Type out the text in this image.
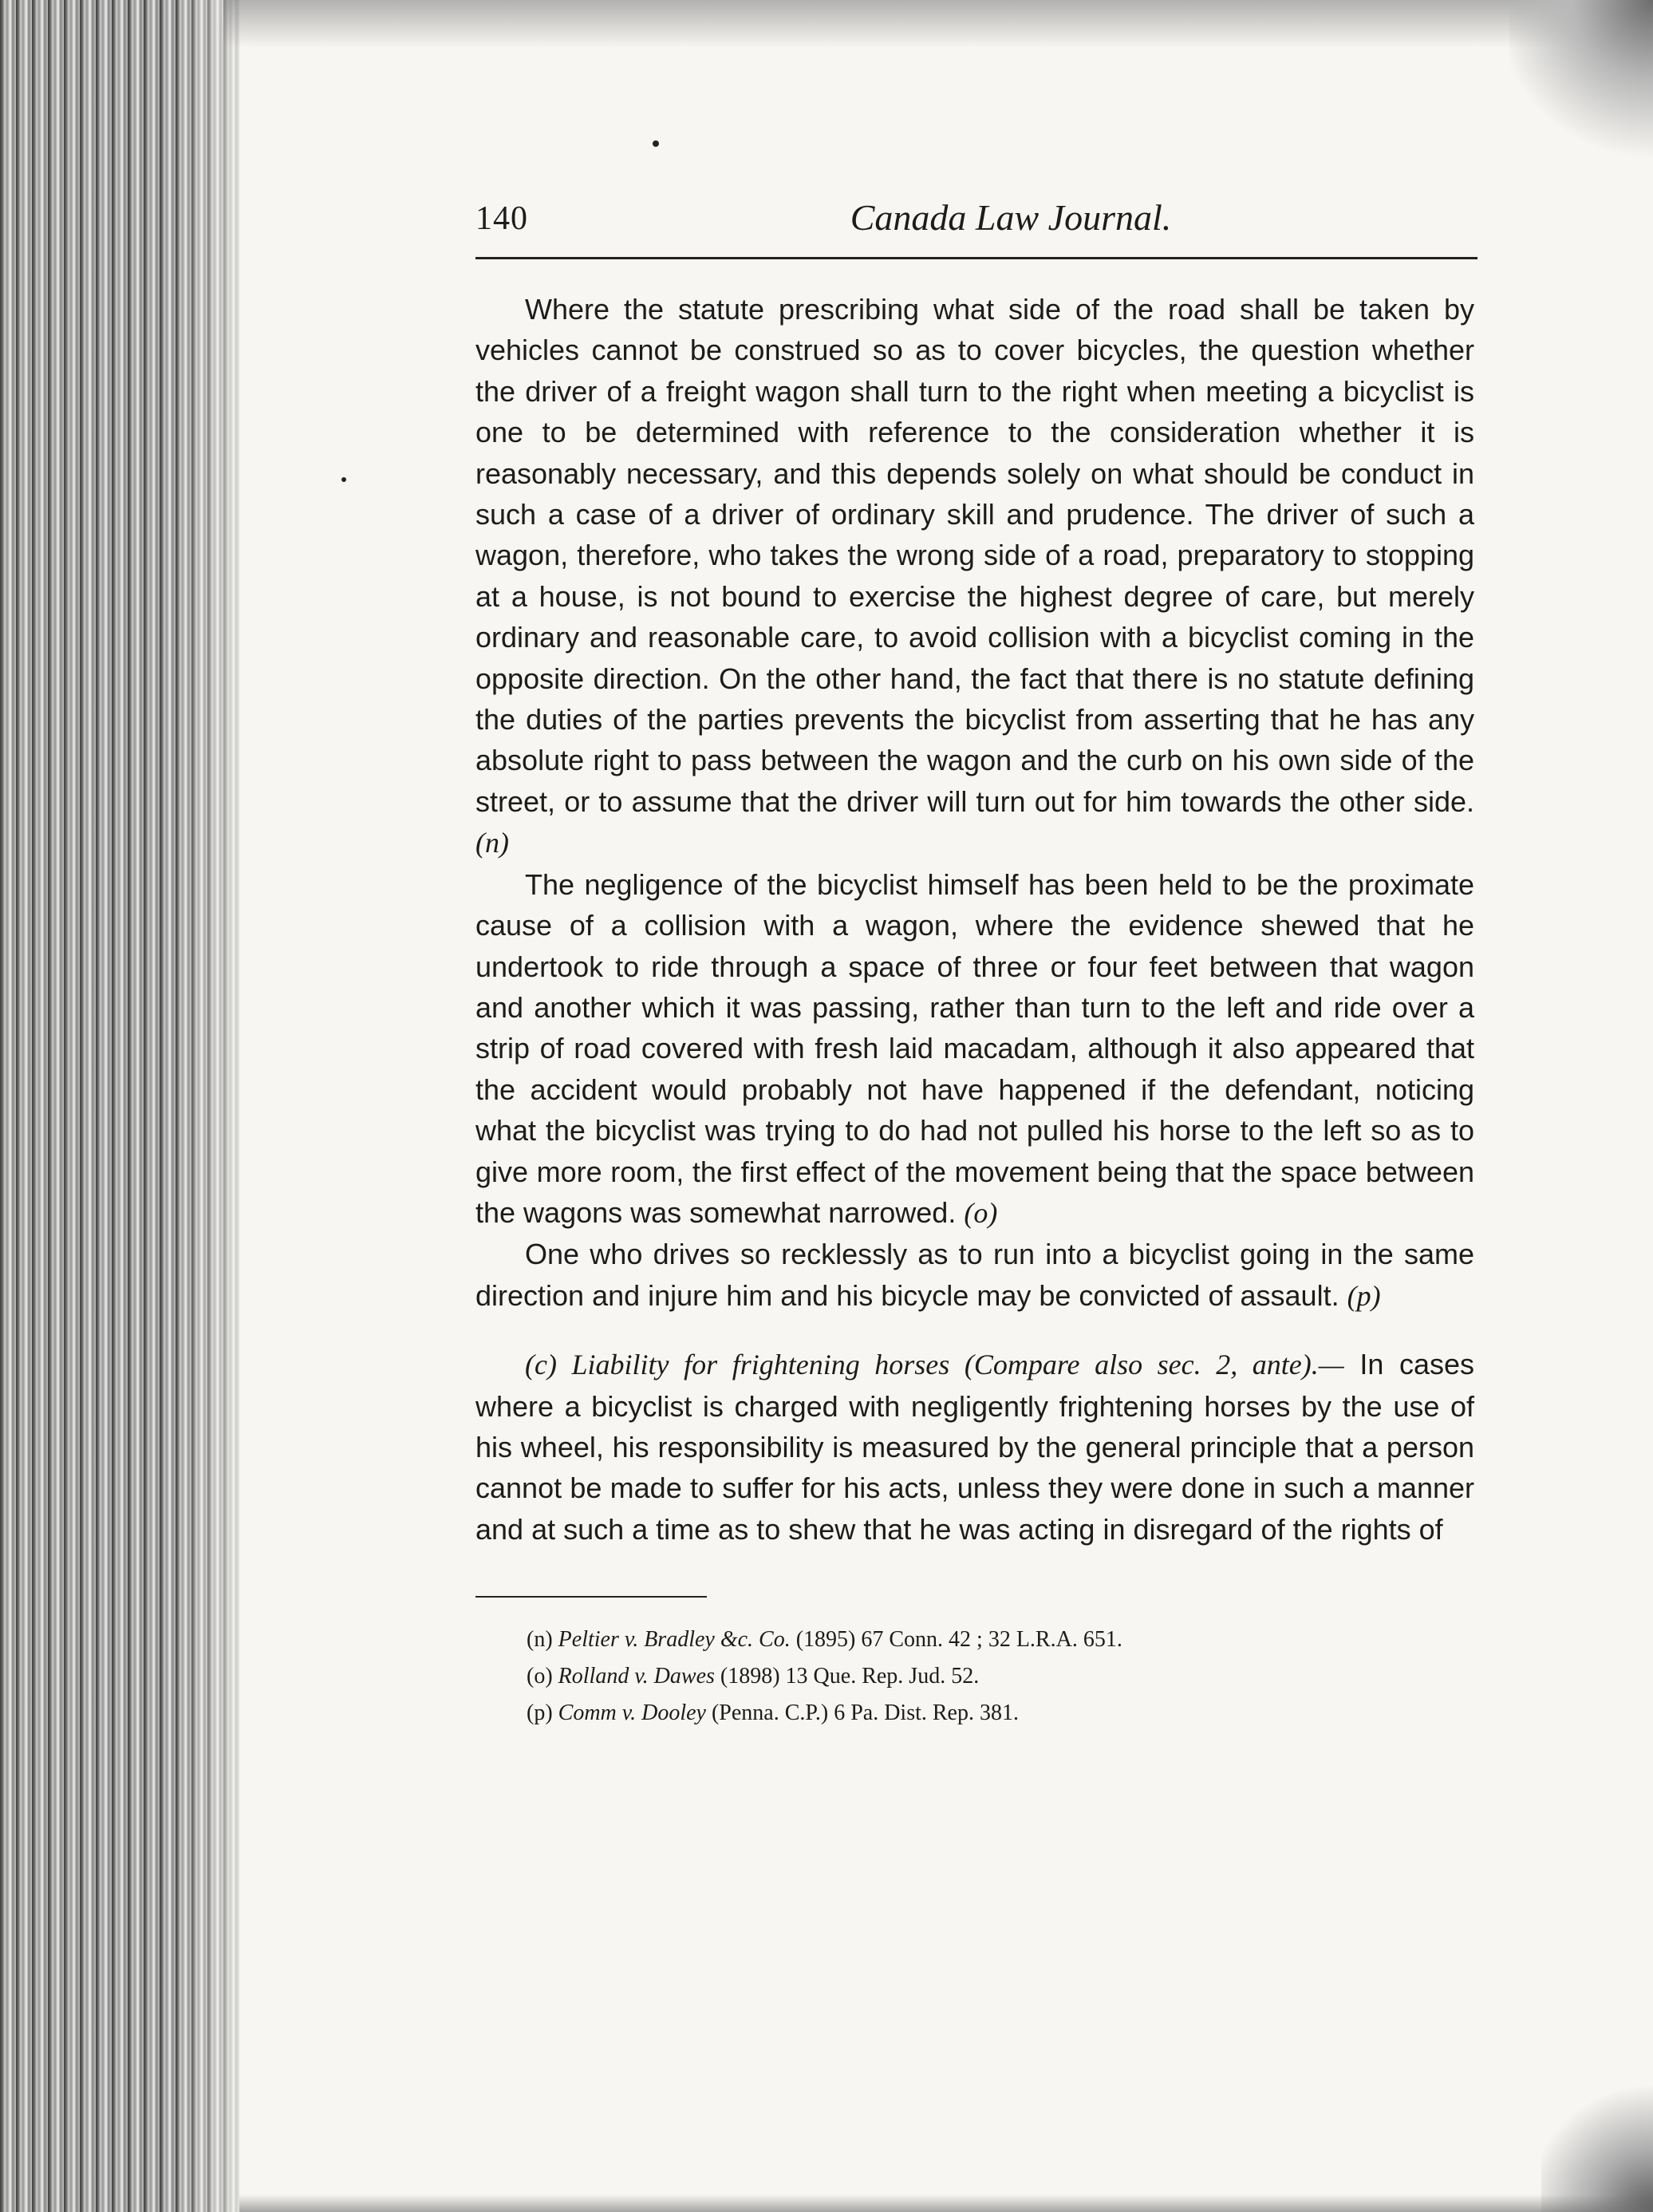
140	Canada Law Journal.

Where the statute prescribing what side of the road shall be taken by vehicles cannot be construed so as to cover bicycles, the question whether the driver of a freight wagon shall turn to the right when meeting a bicyclist is one to be determined with reference to the consideration whether it is reasonably necessary, and this depends solely on what should be conduct in such a case of a driver of ordinary skill and prudence. The driver of such a wagon, therefore, who takes the wrong side of a road, preparatory to stopping at a house, is not bound to exercise the highest degree of care, but merely ordinary and reasonable care, to avoid collision with a bicyclist coming in the opposite direction. On the other hand, the fact that there is no statute defining the duties of the parties prevents the bicyclist from asserting that he has any absolute right to pass between the wagon and the curb on his own side of the street, or to assume that the driver will turn out for him towards the other side. (n)

The negligence of the bicyclist himself has been held to be the proximate cause of a collision with a wagon, where the evidence shewed that he undertook to ride through a space of three or four feet between that wagon and another which it was passing, rather than turn to the left and ride over a strip of road covered with fresh laid macadam, although it also appeared that the accident would probably not have happened if the defendant, noticing what the bicyclist was trying to do had not pulled his horse to the left so as to give more room, the first effect of the movement being that the space between the wagons was somewhat narrowed. (o)

One who drives so recklessly as to run into a bicyclist going in the same direction and injure him and his bicycle may be convicted of assault. (p)

(c) Liability for frightening horses (Compare also sec. 2, ante).— In cases where a bicyclist is charged with negligently frightening horses by the use of his wheel, his responsibility is measured by the general principle that a person cannot be made to suffer for his acts, unless they were done in such a manner and at such a time as to shew that he was acting in disregard of the rights of

(n) Peltier v. Bradley &c. Co. (1895) 67 Conn. 42 ; 32 L.R.A. 651.
(o) Rolland v. Dawes (1898) 13 Que. Rep. Jud. 52.
(p) Comm v. Dooley (Penna. C.P.) 6 Pa. Dist. Rep. 381.
